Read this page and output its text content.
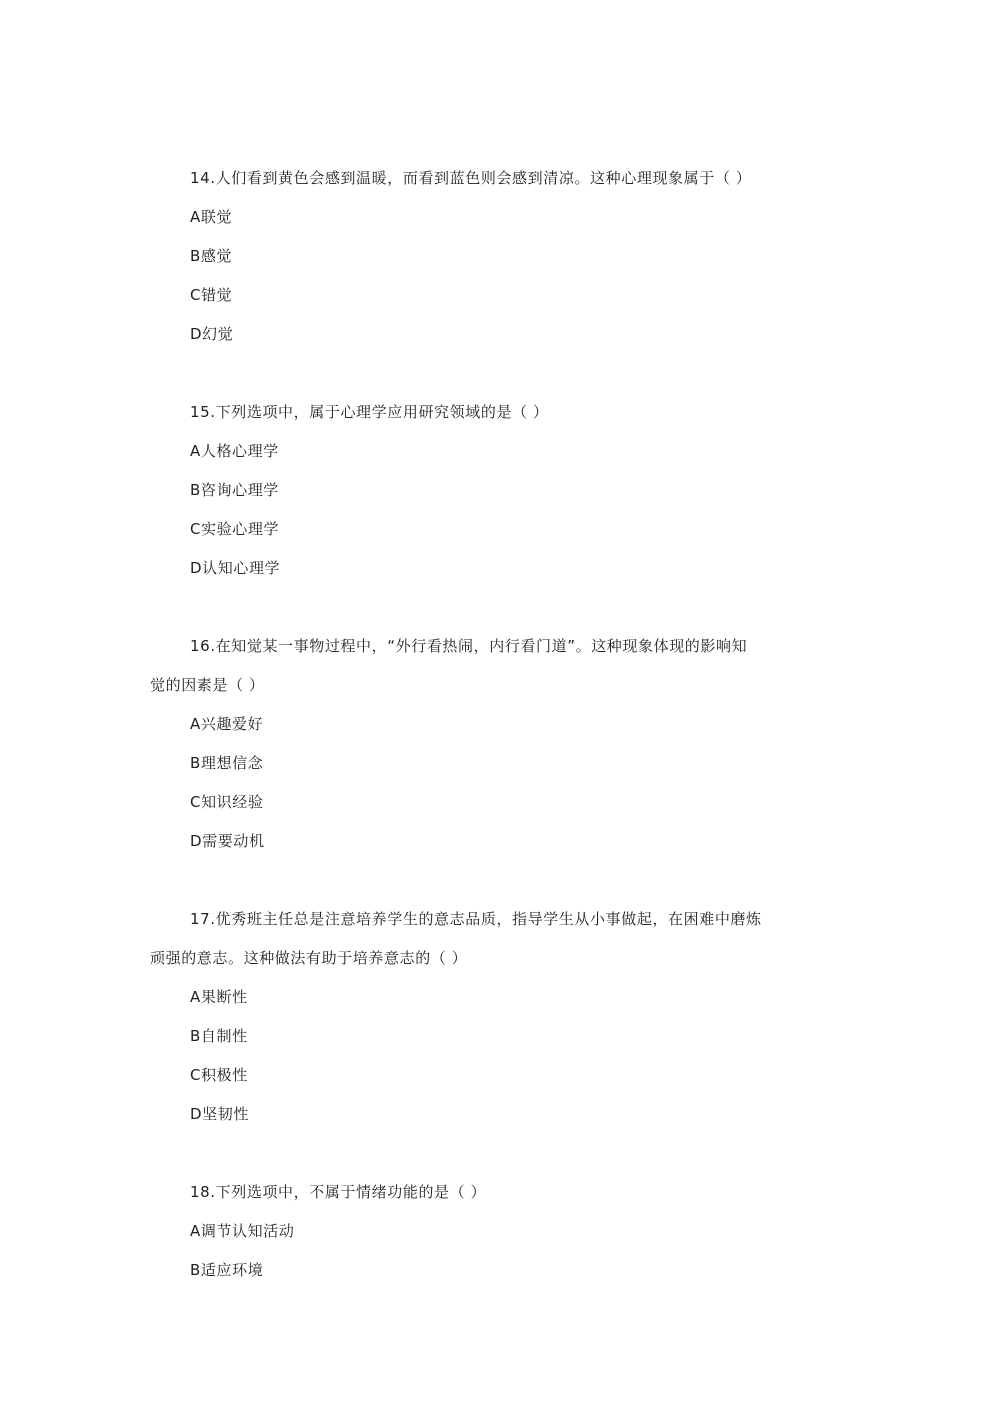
14.人们看到黄色会感到温暖，而看到蓝色则会感到清凉。这种心理现象属于（ ）
A联觉
B感觉
C错觉
D幻觉
15.下列选项中，属于心理学应用研究领域的是（ ）
A人格心理学
B咨询心理学
C实验心理学
D认知心理学
16.在知觉某一事物过程中，“外行看热闹，内行看门道”。这种现象体现的影响知
觉的因素是（ ）
A兴趣爱好
B理想信念
C知识经验
D需要动机
17.优秀班主任总是注意培养学生的意志品质，指导学生从小事做起，在困难中磨炼
顽强的意志。这种做法有助于培养意志的（ ）
A果断性
B自制性
C积极性
D坚韧性
18.下列选项中，不属于情绪功能的是（ ）
A调节认知活动
B适应环境
